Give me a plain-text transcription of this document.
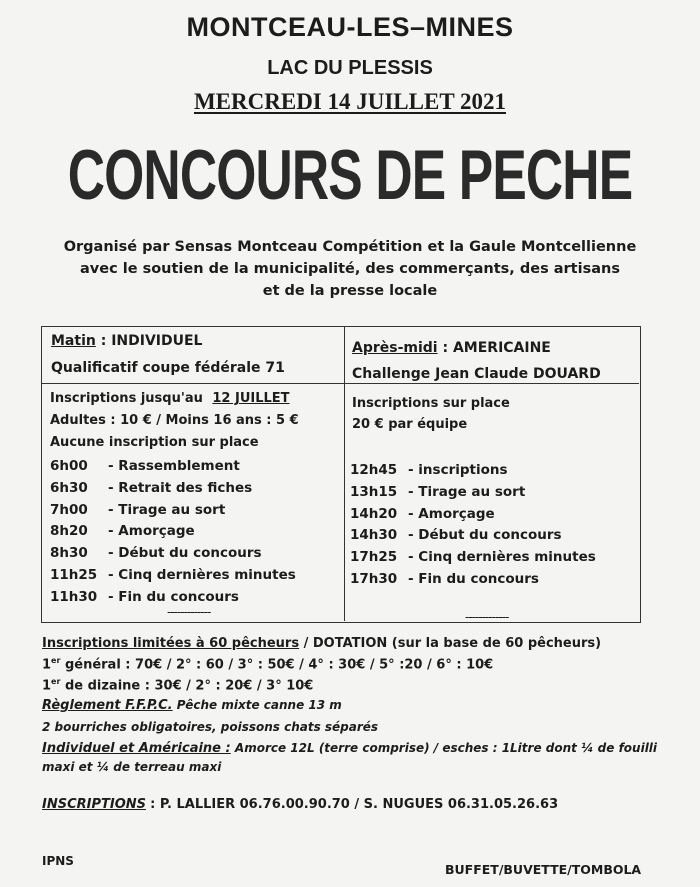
MONTCEAU-LES–MINES
LAC DU PLESSIS
MERCREDI 14 JUILLET 2021
CONCOURS DE PECHE
Organisé par Sensas Montceau Compétition et la Gaule Montcellienne
avec le soutien de la municipalité, des commerçants, des artisans
et de la presse locale
Matin : INDIVIDUEL
Qualificatif coupe fédérale 71
Inscriptions jusqu'au 12 JUILLET
Adultes : 10 € / Moins 16 ans : 5 €
Aucune inscription sur place
6h00 - Rassemblement
6h30 - Retrait des fiches
7h00 - Tirage au sort
8h20 - Amorçage
8h30 - Début du concours
11h25 - Cinq dernières minutes
11h30 - Fin du concours
-------------
Après-midi : AMERICAINE
Challenge Jean Claude DOUARD
Inscriptions sur place
20 € par équipe
12h45 - inscriptions
13h15 - Tirage au sort
14h20 - Amorçage
14h30 - Début du concours
17h25 - Cinq dernières minutes
17h30 - Fin du concours
-------------
Inscriptions limitées à 60 pêcheurs / DOTATION (sur la base de 60 pêcheurs)
1er général : 70€ / 2° : 60 / 3° : 50€ / 4° : 30€ / 5° :20 / 6° : 10€
1er de dizaine : 30€ / 2° : 20€ / 3° 10€
Règlement F.F.P.C. Pêche mixte canne 13 m
2 bourriches obligatoires, poissons chats séparés
Individuel et Américaine : Amorce 12L (terre comprise) / esches : 1Litre dont ¼ de fouilli
maxi et ¼ de terreau maxi
INSCRIPTIONS : P. LALLIER 06.76.00.90.70 / S. NUGUES 06.31.05.26.63
IPNS
BUFFET/BUVETTE/TOMBOLA
